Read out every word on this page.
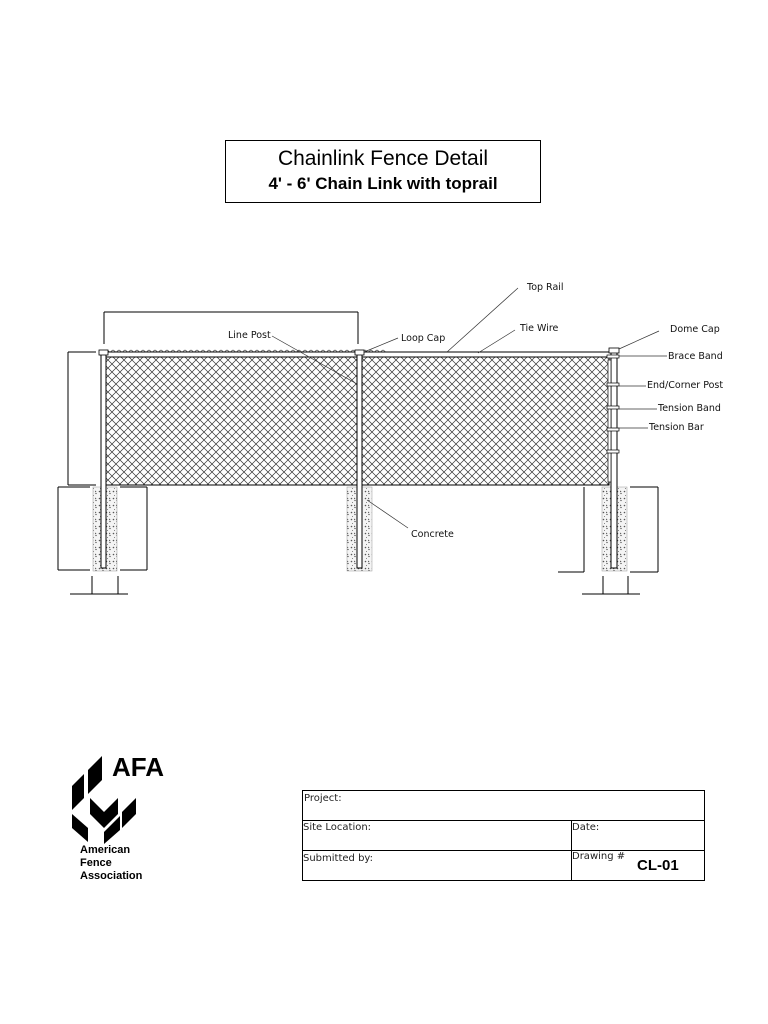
Chainlink Fence Detail
4' - 6' Chain Link with toprail
Top Rail
Tie Wire	Dome Cap
Line Post	Loop Cap
Brace Band
End/Corner Post
Tension Band
Tension Bar
Concrete
AFA
American
Fence
Association
Project:
Site Location:	Date:
Submitted by:	Drawing #
CL-01
